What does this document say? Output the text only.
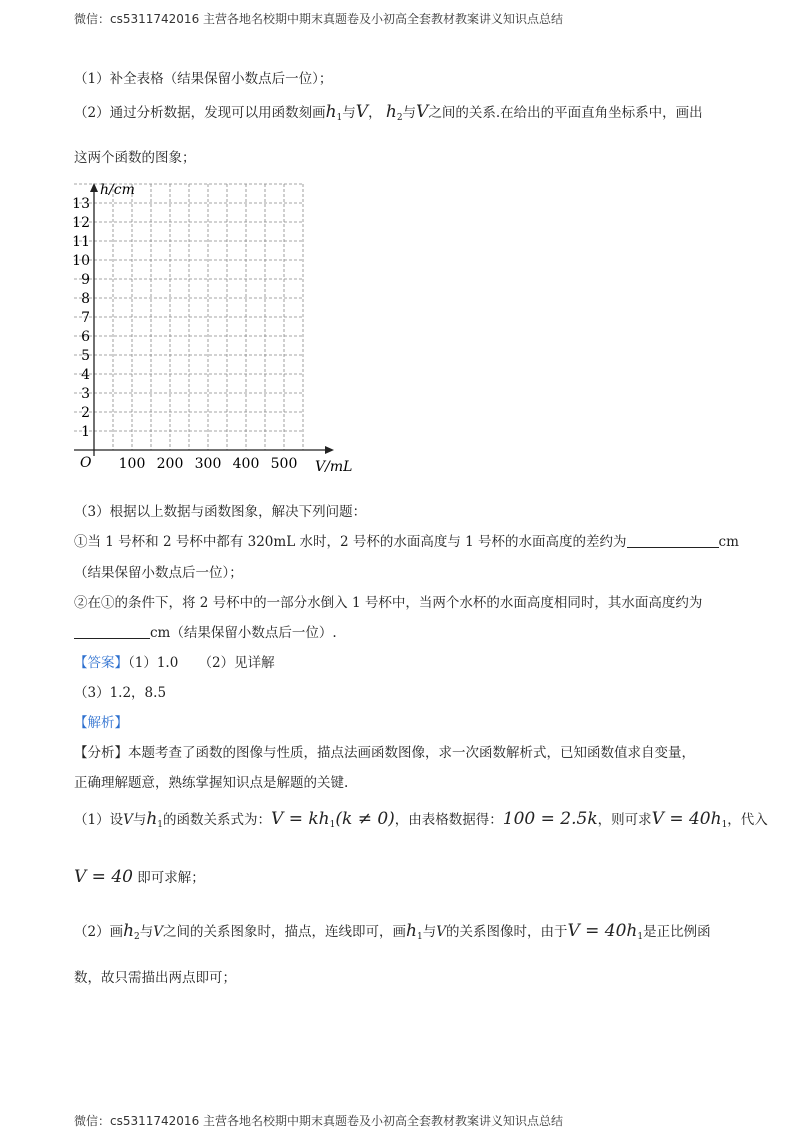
微信：cs5311742016 主营各地名校期中期末真题卷及小初高全套教材教案讲义知识点总结
（1）补全表格（结果保留小数点后一位）；
（2）通过分析数据，发现可以用函数刻画$h_1$与V， $h_2$与V之间的关系.在给出的平面直角坐标系中，画出
这两个函数的图象；
h/cm
V/mL
O
1
2
3
4
5
6
7
8
9
10
11
12
13
100 200 300 400 500
（3）根据以上数据与函数图象，解决下列问题：
①当 1 号杯和 2 号杯中都有 320mL 水时，2 号杯的水面高度与 1 号杯的水面高度的差约为	cm
（结果保留小数点后一位）；
②在①的条件下，将 2 号杯中的一部分水倒入 1 号杯中，当两个水杯的水面高度相同时，其水面高度约为
cm（结果保留小数点后一位）.
【答案】（1）1.0　　（2）见详解
（3）1.2，8.5
【解析】
【分析】本题考查了函数的图像与性质，描点法画函数图像，求一次函数解析式，已知函数值求自变量，
正确理解题意，熟练掌握知识点是解题的关键.
（1）设V与$h_1$的函数关系式为：$V = kh_1(k \ne 0)$，由表格数据得：100 = 2.5k，则可求$V = 40h_1$，代入
V = 40 即可求解；
（2）画$h_2$与V之间的关系图象时，描点，连线即可，画$h_1$与V的关系图像时，由于$V = 40h_1$是正比例函
数，故只需描出两点即可；
微信：cs5311742016 主营各地名校期中期末真题卷及小初高全套教材教案讲义知识点总结
